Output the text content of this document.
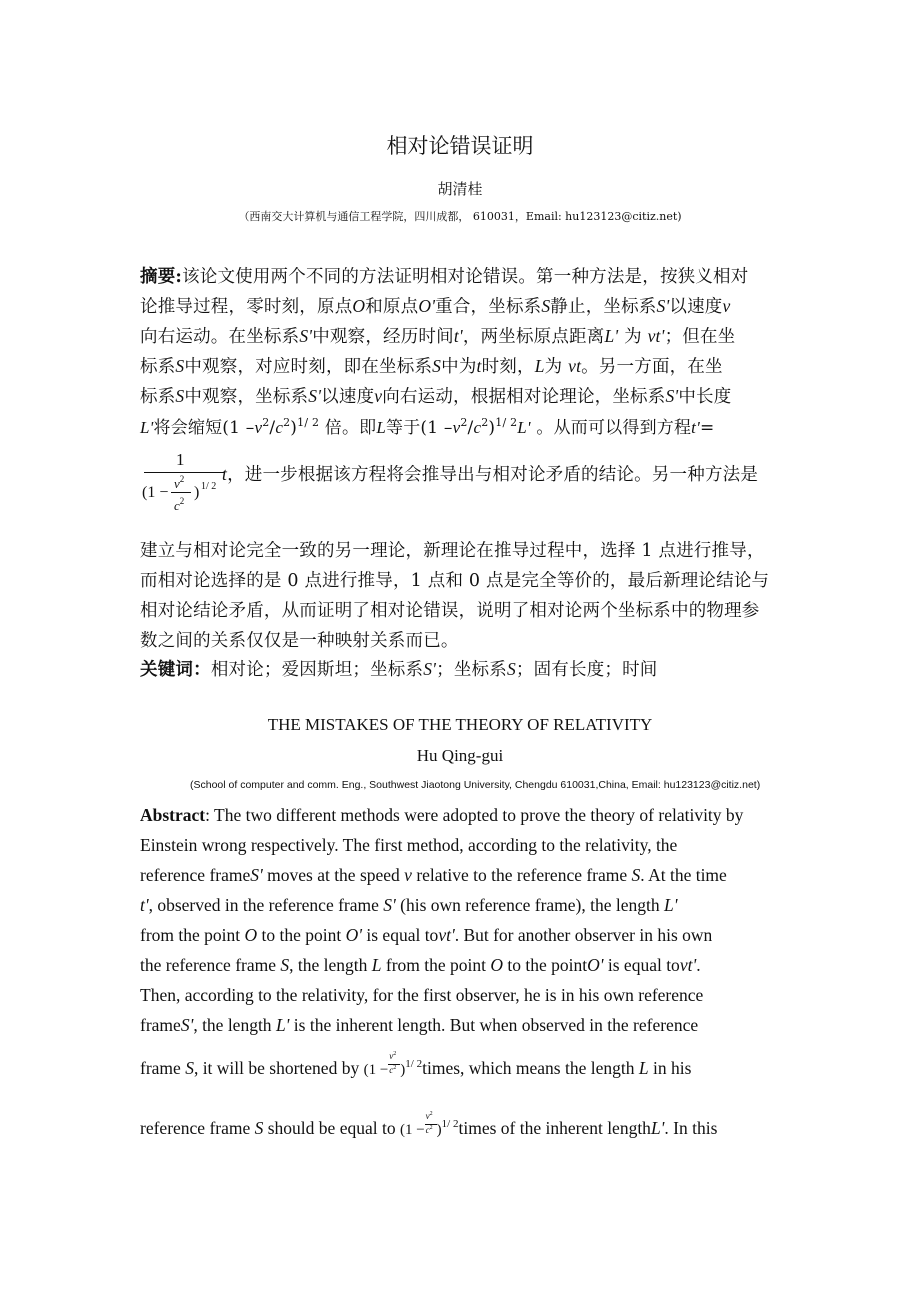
相对论错误证明
胡清桂
（西南交大计算机与通信工程学院，四川成都， 610031，Email: hu123123@citiz.net)
摘要:该论文使用两个不同的方法证明相对论错误。第一种方法是，按狭义相对
论推导过程，零时刻，原点O和原点O'重合，坐标系S静止，坐标系S'以速度v
向右运动。在坐标系S'中观察，经历时间t'，两坐标原点距离L' 为 vt'；但在坐
标系S中观察，对应时刻，即在坐标系S中为t时刻，L为 vt。另一方面，在坐
标系S中观察，坐标系S'以速度v向右运动，根据相对论理论，坐标系S'中长度
L'将会缩短(1 $-v^2/c^2)^{1/ 2}$ 倍。即L等于(1 $-v^2/c^2)^{1/ 2}L'$ 。从而可以得到方程t'=
1
$v^2$
(1 −
$c^2$ ) 1/ 2
t，进一步根据该方程将会推导出与相对论矛盾的结论。另一种方法是
建立与相对论完全一致的另一理论，新理论在推导过程中，选择 1 点进行推导，
而相对论选择的是 0 点进行推导，1 点和 0 点是完全等价的，最后新理论结论与
相对论结论矛盾，从而证明了相对论错误，说明了相对论两个坐标系中的物理参
数之间的关系仅仅是一种映射关系而已。
关键词：相对论；爱因斯坦；坐标系S'；坐标系S；固有长度；时间
THE MISTAKES OF THE THEORY OF RELATIVITY
Hu Qing-gui
(School of computer and comm. Eng., Southwest Jiaotong University, Chengdu 610031,China, Email: hu123123@citiz.net)
Abstract: The two different methods were adopted to prove the theory of relativity by
Einstein wrong respectively. The first method, according to the relativity, the
reference frameS' moves at the speed v relative to the reference frame S. At the time
t', observed in the reference frame S' (his own reference frame), the length L'
from the point O to the point O' is equal tovt'. But for another observer in his own
the reference frame S, the length L from the point O to the pointO' is equal tovt'.
Then, according to the relativity, for the first observer, he is in his own reference
frameS', the length L' is the inherent length. But when observed in the reference
frame S, it will be shortened by ($1 - \frac{v^2}{c^2}$ )$^{1/ 2}times$, which means the length L in his
reference frame S should be equal to ($1 - \frac{v^2}{c^2}$ )$^{1/ 2}times$ of the inherent lengthL'. In this
